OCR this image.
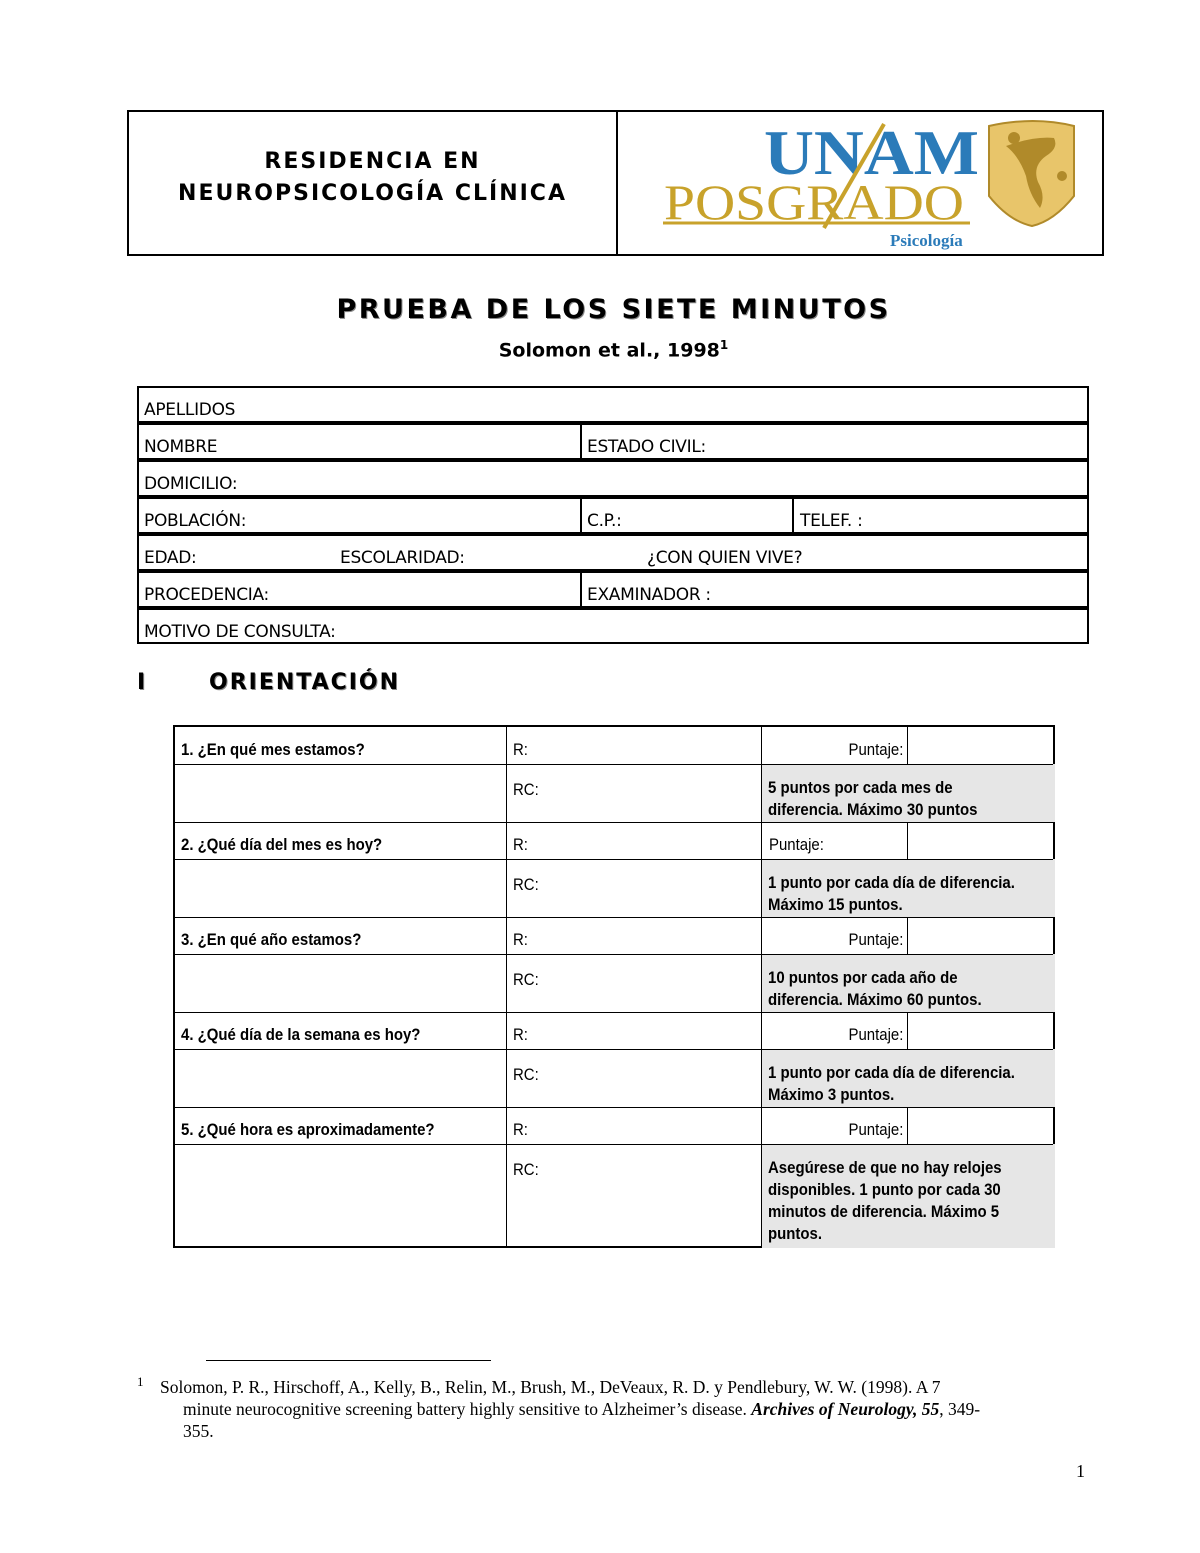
RESIDENCIA EN
NEUROPSICOLOGÍA CLÍNICA
UNAM
POSGRADO
Psicología
PRUEBA DE LOS SIETE MINUTOS
Solomon et al., 1998$^1$
APELLIDOS
NOMBRE	ESTADO CIVIL:
DOMICILIO:
POBLACIÓN:	C.P.:	TELEF. :
EDAD:	ESCOLARIDAD:	¿CON QUIEN VIVE?
PROCEDENCIA:	EXAMINADOR :
MOTIVO DE CONSULTA:
I	ORIENTACIÓN
1. ¿En qué mes estamos?	R:	Puntaje:
RC:	5 puntos por cada mes de
diferencia. Máximo 30 puntos
2. ¿Qué día del mes es hoy?	R:	Puntaje:
RC:	1 punto por cada día de diferencia.
Máximo 15 puntos.
3. ¿En qué año estamos?	R:	Puntaje:
RC:	10 puntos por cada año de
diferencia. Máximo 60 puntos.
4. ¿Qué día de la semana es hoy?	R:	Puntaje:
RC:	1 punto por cada día de diferencia.
Máximo 3 puntos.
5. ¿Qué hora es aproximadamente?	R:	Puntaje:
RC:	Asegúrese de que no hay relojes
disponibles. 1 punto por cada 30
minutos de diferencia. Máximo 5
puntos.
1 Solomon, P. R., Hirschoff, A., Kelly, B., Relin, M., Brush, M., DeVeaux, R. D. y Pendlebury, W. W. (1998). A 7
minute neurocognitive screening battery highly sensitive to Alzheimer’s disease. Archives of Neurology, 55, 349-
355.
1
